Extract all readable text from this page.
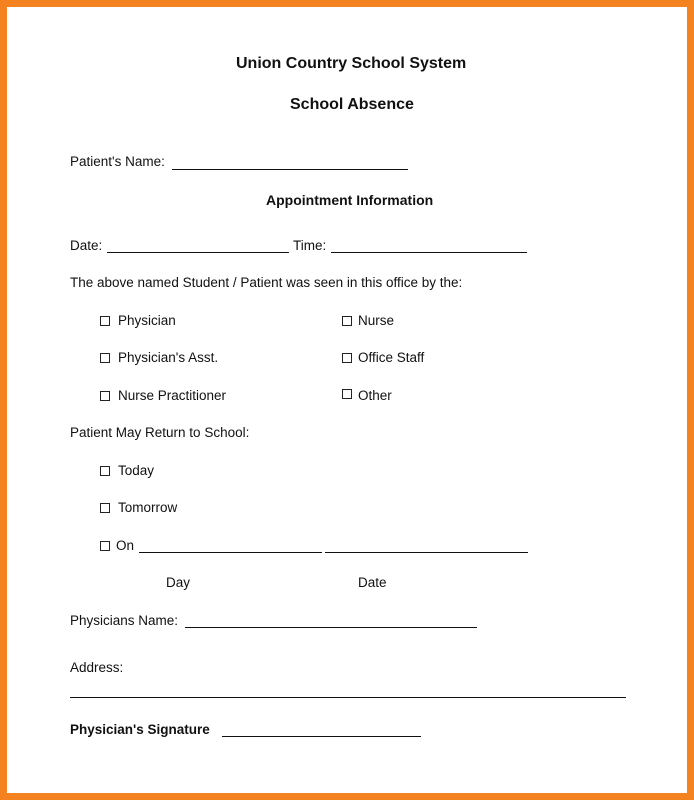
Union Country School System
School Absence
Patient's Name:
Appointment Information
Date:	Time:
The above named Student / Patient was seen in this office by the:
Physician	Nurse
Physician's Asst.	Office Staff
Nurse Practitioner	Other
Patient May Return to School:
Today
Tomorrow
On
Day	Date
Physicians Name:
Address:
Physician's Signature
